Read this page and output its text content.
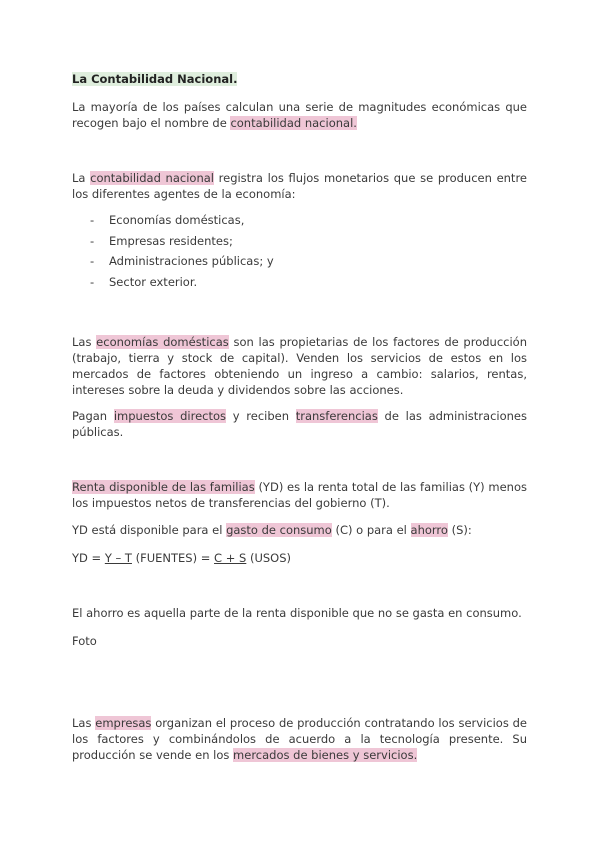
La Contabilidad Nacional.

La mayoría de los países calculan una serie de magnitudes económicas que recogen bajo el nombre de contabilidad nacional.

La contabilidad nacional registra los flujos monetarios que se producen entre los diferentes agentes de la economía:

- Economías domésticas,
- Empresas residentes;
- Administraciones públicas; y
- Sector exterior.

Las economías domésticas son las propietarias de los factores de producción (trabajo, tierra y stock de capital). Venden los servicios de estos en los mercados de factores obteniendo un ingreso a cambio: salarios, rentas, intereses sobre la deuda y dividendos sobre las acciones.

Pagan impuestos directos y reciben transferencias de las administraciones públicas.

Renta disponible de las familias (YD) es la renta total de las familias (Y) menos los impuestos netos de transferencias del gobierno (T).

YD está disponible para el gasto de consumo (C) o para el ahorro (S):

YD = Y – T (FUENTES) = C + S (USOS)

El ahorro es aquella parte de la renta disponible que no se gasta en consumo.

Foto

Las empresas organizan el proceso de producción contratando los servicios de los factores y combinándolos de acuerdo a la tecnología presente. Su producción se vende en los mercados de bienes y servicios.
